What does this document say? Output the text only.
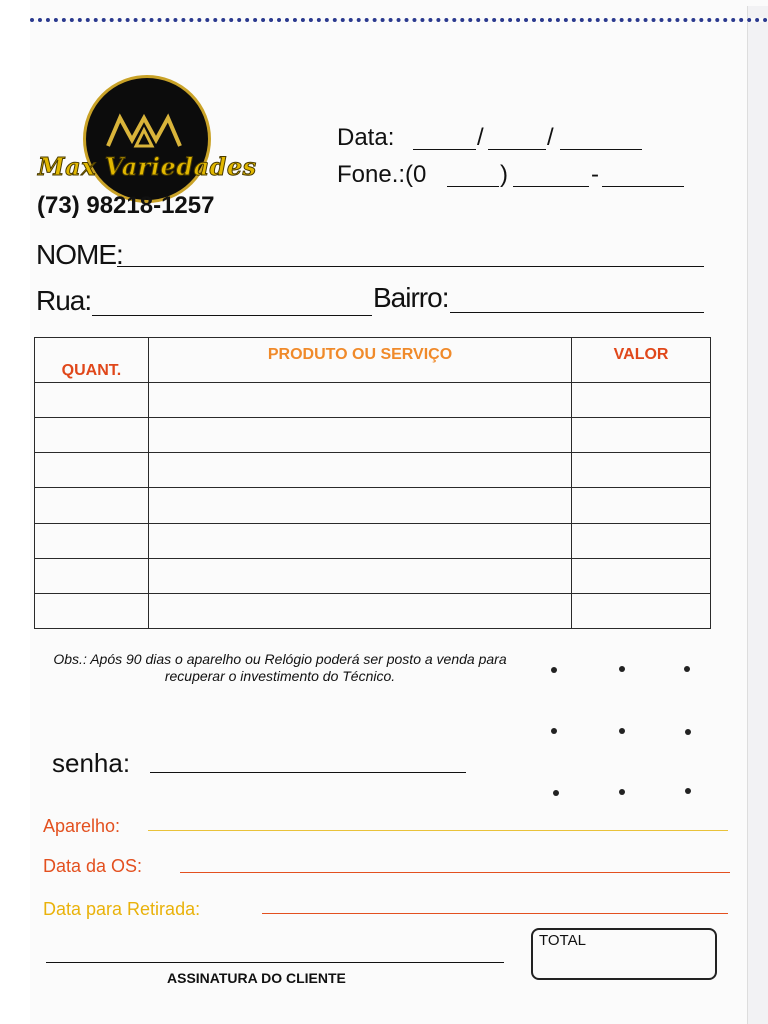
Max Variedades
(73) 98218-1257
Data:	/	/
Fone.:(0	)	-
NOME:
Rua:	Bairro:
QUANT.	PRODUTO OU SERVIÇO	VALOR

Obs.: Após 90 dias o aparelho ou Relógio poderá ser posto a venda para recuperar o investimento do Técnico.
senha:
Aparelho:
Data da OS:
Data para Retirada:
ASSINATURA DO CLIENTE
TOTAL
